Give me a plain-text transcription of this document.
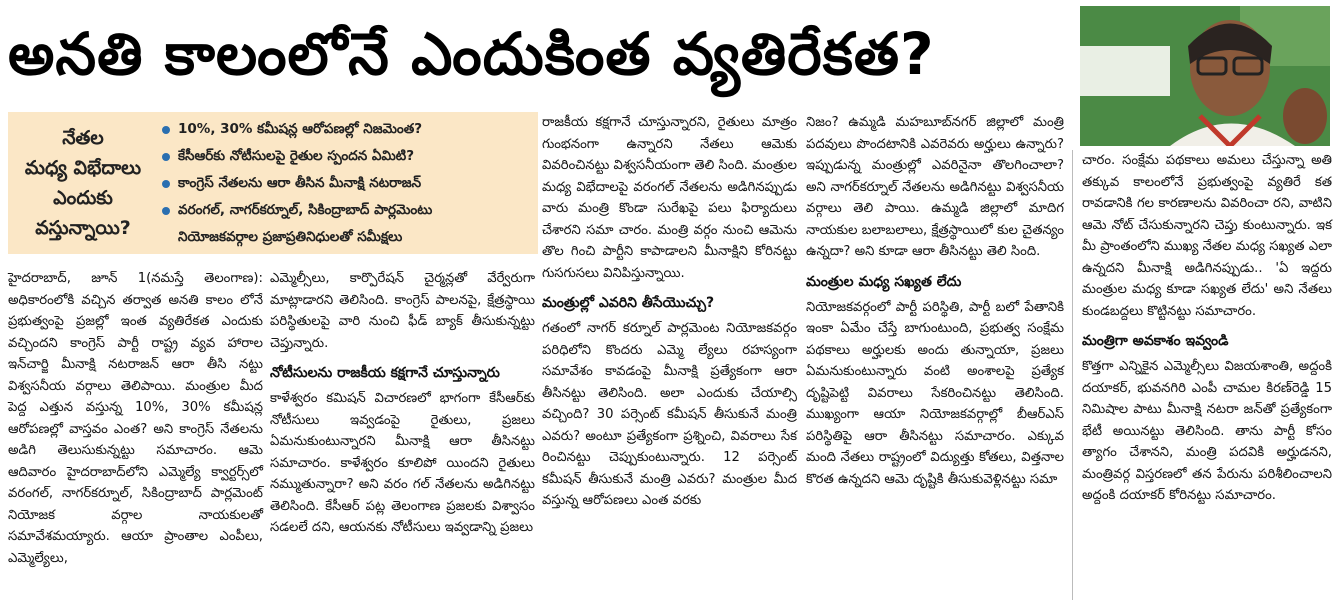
అనతి కాలంలోనే ఎందుకింత వ్యతిరేకత?
నేతల
మధ్య విభేదాలు
ఎందుకు
వస్తున్నాయి?
10%, 30% కమీషన్ల ఆరోపణల్లో నిజమెంత?
కేసీఆర్‌కు నోటీసులపై రైతుల స్పందన ఏమిటి?
కాంగ్రెస్ నేతలను ఆరా తీసిన మీనాక్షి నటరాజన్
వరంగల్, నాగర్‌కర్నూల్, సికింద్రాబాద్ పార్లమెంటు
నియోజకవర్గాల ప్రజాప్రతినిధులతో సమీక్షలు

హైదరాబాద్, జూన్ 1(నమస్తే తెలంగాణ): అధికారంలోకి వచ్చిన తర్వాత అనతి కాలం లోనే ప్రభుత్వంపై ప్రజల్లో ఇంత వ్యతిరేకత ఎందుకు వచ్చిందని కాంగ్రెస్ పార్టీ రాష్ట్ర వ్యవ హారాల ఇన్‌చార్జి మీనాక్షి నటరాజన్ ఆరా తీసి నట్టు విశ్వసనీయ వర్గాలు తెలిపాయి. మంత్రుల మీద పెద్ద ఎత్తున వస్తున్న 10%, 30% కమీషన్ల ఆరోపణల్లో వాస్తవం ఎంత? అని కాంగ్రెస్ నేతలను అడిగి తెలుసుకున్నట్టు సమాచారం. ఆమె ఆదివారం హైదరాబాద్‌లోని ఎమ్మెల్యే క్వార్టర్స్‌లో వరంగల్, నాగర్‌కర్నూల్, సికింద్రాబాద్ పార్లమెంట్ నియోజక వర్గాల నాయకులతో సమావేశమయ్యారు. ఆయా ప్రాంతాల ఎంపీలు, ఎమ్మెల్యేలు,

ఎమ్మెల్సీలు, కార్పొరేషన్ చైర్మన్లతో వేర్వేరుగా మాట్లాడారని తెలిసింది. కాంగ్రెస్ పాలనపై, క్షేత్రస్థాయి పరిస్థితులపై వారి నుంచి ఫీడ్ బ్యాక్ తీసుకున్నట్టు చెప్తున్నారు.

నోటీసులను రాజకీయ కక్షగానే చూస్తున్నారు

కాళేశ్వరం కమిషన్ విచారణలో భాగంగా కేసీఆర్‌కు నోటీసులు ఇవ్వడంపై రైతులు, ప్రజలు ఏమనుకుంటున్నారని మీనాక్షి ఆరా తీసినట్టు సమాచారం. కాళేశ్వరం కూలిపో యిందని రైతులు నమ్ముతున్నారా? అని వరం గల్ నేతలను అడిగినట్టు తెలిసింది. కేసీఆర్ పట్ల తెలంగాణ ప్రజలకు విశ్వాసం సడలలే దని, ఆయనకు నోటీసులు ఇవ్వడాన్ని ప్రజలు

రాజకీయ కక్షగానే చూస్తున్నారని, రైతులు మాత్రం గుంభనంగా ఉన్నారని నేతలు ఆమెకు వివరించినట్టు విశ్వసనీయంగా తెలి సింది. మంత్రుల మధ్య విభేదాలపై వరంగల్ నేతలను అడిగినప్పుడు వారు మంత్రి కొండా సురేఖపై పలు ఫిర్యాదులు చేశారని సమా చారం. మంత్రి వర్గం నుంచి ఆమెను తొల గించి పార్టీని కాపాడాలని మీనాక్షిని కోరినట్టు గుసగుసలు వినిపిస్తున్నాయి.

మంత్రుల్లో ఎవరిని తీసేయొచ్చు?

గతంలో నాగర్ కర్నూల్ పార్లమెంట నియోజకవర్గం పరిధిలోని కొందరు ఎమ్మె ల్యేలు రహస్యంగా సమావేశం కావడంపై మీనాక్షి ప్రత్యేకంగా ఆరా తీసినట్టు తెలిసింది. అలా ఎందుకు చేయాల్సి వచ్చింది? 30 పర్సెంట్ కమీషన్ తీసుకునే మంత్రి ఎవరు? అంటూ ప్రత్యేకంగా ప్రశ్నించి, వివరాలు సేక రించినట్టు చెప్పుకుంటున్నారు. 12 పర్సెంట్ కమీషన్ తీసుకునే మంత్రి ఎవరు? మంత్రుల మీద వస్తున్న ఆరోపణలు ఎంత వరకు

నిజం? ఉమ్మడి మహబూబ్‌నగర్ జిల్లాలో మంత్రి పదవులు పొందటానికి ఎవరెవరు అర్హులు ఉన్నారు? ఇప్పుడున్న మంత్రుల్లో ఎవరినైనా తొలగించాలా? అని నాగర్‌కర్నూల్ నేతలను అడిగినట్టు విశ్వసనీయ వర్గాలు తెలి పాయి. ఉమ్మడి జిల్లాలో మాదిగ నాయకుల బలాబలాలు, క్షేత్రస్థాయిలో కుల చైతన్యం ఉన్నదా? అని కూడా ఆరా తీసినట్టు తెలి సింది.

మంత్రుల మధ్య సఖ్యత లేదు

నియోజకవర్గంలో పార్టీ పరిస్థితి, పార్టీ బలో పేతానికి ఇంకా ఏమేం చేస్తే బాగుంటుంది, ప్రభుత్వ సంక్షేమ పథకాలు అర్హులకు అందు తున్నాయా, ప్రజలు ఏమనుకుంటున్నారు వంటి అంశాలపై ప్రత్యేక దృష్టిపెట్టి వివరాలు సేకరించినట్టు తెలిసింది. ముఖ్యంగా ఆయా నియోజకవర్గాల్లో బీఆర్‌ఎస్ పరిస్థితిపై ఆరా తీసినట్టు సమాచారం. ఎక్కువ మంది నేతలు రాష్ట్రంలో విద్యుత్తు కోతలు, విత్తనాల కొరత ఉన్నదని ఆమె దృష్టికి తీసుకువెళ్లినట్టు సమా

చారం. సంక్షేమ పథకాలు అమలు చేస్తున్నా అతి తక్కువ కాలంలోనే ప్రభుత్వంపై వ్యతిరే కత రావడానికి గల కారణాలను వివరించా రని, వాటిని ఆమె నోట్ చేసుకున్నారని చెప్తు కుంటున్నారు. ఇక మీ ప్రాంతంలోని ముఖ్య నేతల మధ్య సఖ్యత ఎలా ఉన్నదని మీనాక్షి అడిగినప్పుడు.. 'ఏ ఇద్దరు మంత్రుల మధ్య కూడా సఖ్యత లేదు' అని నేతలు కుండబద్దలు కొట్టినట్టు సమాచారం.

మంత్రిగా అవకాశం ఇవ్వండి

కొత్తగా ఎన్నికైన ఎమ్మెల్సీలు విజయశాంతి, అద్దంకి దయాకర్, భువనగిరి ఎంపీ చామల కిరణ్‌రెడ్డి 15 నిమిషాల పాటు మీనాక్షి నటరా జన్‌తో ప్రత్యేకంగా భేటీ అయినట్టు తెలిసింది. తాను పార్టీ కోసం త్యాగం చేశానని, మంత్రి పదవికి అర్హుడనని, మంత్రివర్గ విస్తరణలో తన పేరును పరిశీలించాలని అద్దంకి దయాకర్ కోరినట్టు సమాచారం.
